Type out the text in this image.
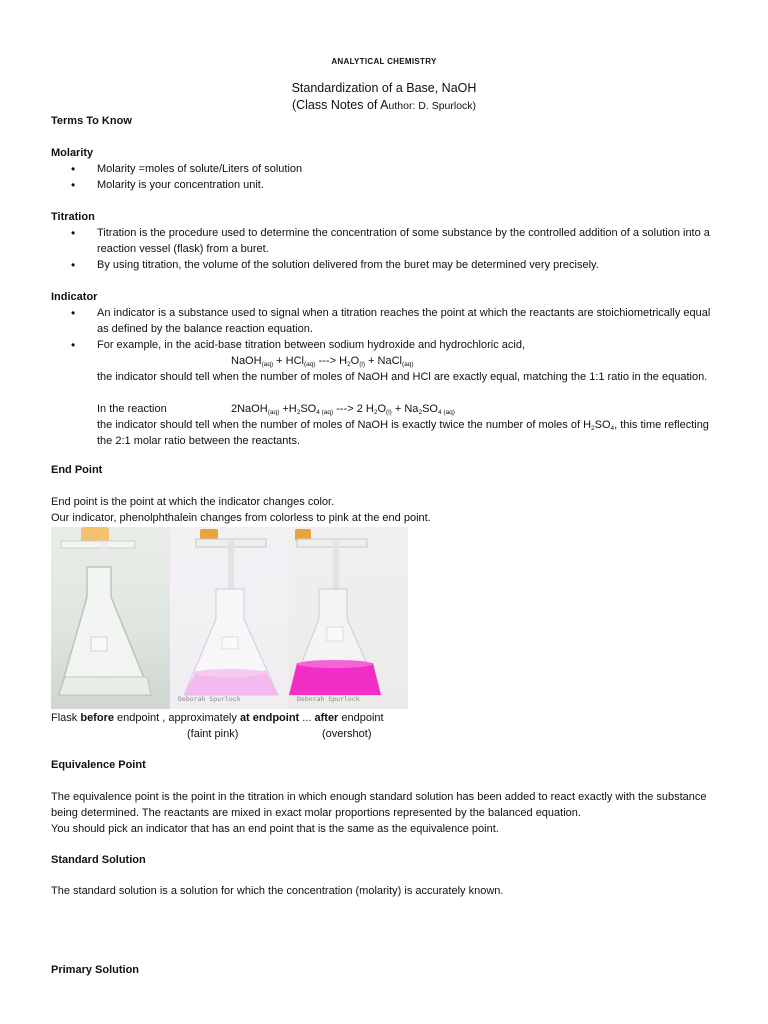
ANALYTICAL CHEMISTRY
Standardization of a Base, NaOH
(Class Notes of Author: D. Spurlock)
Terms To Know
Molarity
• Molarity =moles of solute/Liters of solution
• Molarity is your concentration unit.
Titration
• Titration is the procedure used to determine the concentration of some substance by the controlled addition of a solution into a reaction vessel (flask) from a buret.
• By using titration, the volume of the solution delivered from the buret may be determined very precisely.
Indicator
• An indicator is a substance used to signal when a titration reaches the point at which the reactants are stoichiometrically equal as defined by the balance reaction equation.
• For example, in the acid-base titration between sodium hydroxide and hydrochloric acid,
NaOH$_{(aq)}$ + HCl$_{(aq)}$ ---> $H_2O_{(l)}$ + NaCl$_{(aq)}$
the indicator should tell when the number of moles of NaOH and HCl are exactly equal, matching the 1:1 ratio in the equation.
In the reaction	2NaOH$_{(aq)}$ $+H_2SO_{4 (aq)}$ ---> 2 $H_2O_{(l)} + Na_2SO_{4 (aq)}$
the indicator should tell when the number of moles of NaOH is exactly twice the number of moles of $H_2SO_4$, this time reflecting the 2:1 molar ratio between the reactants.
End Point
End point is the point at which the indicator changes color.
Our indicator, phenolphthalein changes from colorless to pink at the end point.
Deborah Spurlock	Deborah Spurlock
Flask before endpoint , approximately at endpoint ... after endpoint
(faint pink)	(overshot)
Equivalence Point
The equivalence point is the point in the titration in which enough standard solution has been added to react exactly with the substance being determined. The reactants are mixed in exact molar proportions represented by the balanced equation.
You should pick an indicator that has an end point that is the same as the equivalence point.
Standard Solution
The standard solution is a solution for which the concentration (molarity) is accurately known.
Primary Solution
